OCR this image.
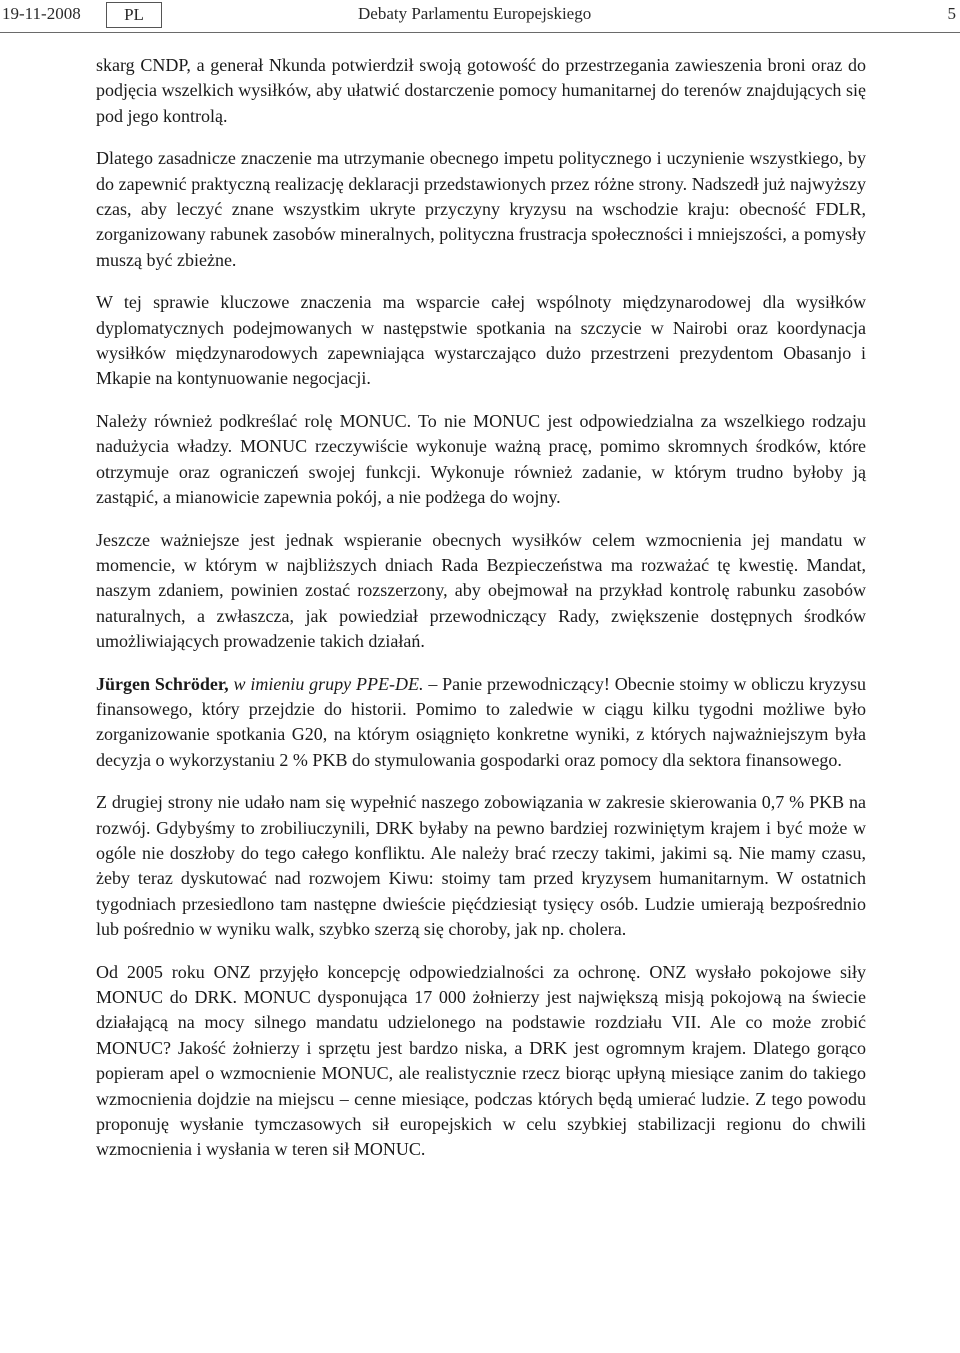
19-11-2008	PL	Debaty Parlamentu Europejskiego	5

skarg CNDP, a generał Nkunda potwierdził swoją gotowość do przestrzegania zawieszenia broni oraz do podjęcia wszelkich wysiłków, aby ułatwić dostarczenie pomocy humanitarnej do terenów znajdujących się pod jego kontrolą.

Dlatego zasadnicze znaczenie ma utrzymanie obecnego impetu politycznego i uczynienie wszystkiego, by do zapewnić praktyczną realizację deklaracji przedstawionych przez różne strony. Nadszedł już najwyższy czas, aby leczyć znane wszystkim ukryte przyczyny kryzysu na wschodzie kraju: obecność FDLR, zorganizowany rabunek zasobów mineralnych, polityczna frustracja społeczności i mniejszości, a pomysły muszą być zbieżne.

W tej sprawie kluczowe znaczenia ma wsparcie całej wspólnoty międzynarodowej dla wysiłków dyplomatycznych podejmowanych w następstwie spotkania na szczycie w Nairobi oraz koordynacja wysiłków międzynarodowych zapewniająca wystarczająco dużo przestrzeni prezydentom Obasanjo i Mkapie na kontynuowanie negocjacji.

Należy również podkreślać rolę MONUC. To nie MONUC jest odpowiedzialna za wszelkiego rodzaju nadużycia władzy. MONUC rzeczywiście wykonuje ważną pracę, pomimo skromnych środków, które otrzymuje oraz ograniczeń swojej funkcji. Wykonuje również zadanie, w którym trudno byłoby ją zastąpić, a mianowicie zapewnia pokój, a nie podżega do wojny.

Jeszcze ważniejsze jest jednak wspieranie obecnych wysiłków celem wzmocnienia jej mandatu w momencie, w którym w najbliższych dniach Rada Bezpieczeństwa ma rozważać tę kwestię. Mandat, naszym zdaniem, powinien zostać rozszerzony, aby obejmował na przykład kontrolę rabunku zasobów naturalnych, a zwłaszcza, jak powiedział przewodniczący Rady, zwiększenie dostępnych środków umożliwiających prowadzenie takich działań.

Jürgen Schröder, w imieniu grupy PPE-DE. – Panie przewodniczący! Obecnie stoimy w obliczu kryzysu finansowego, który przejdzie do historii. Pomimo to zaledwie w ciągu kilku tygodni możliwe było zorganizowanie spotkania G20, na którym osiągnięto konkretne wyniki, z których najważniejszym była decyzja o wykorzystaniu 2 % PKB do stymulowania gospodarki oraz pomocy dla sektora finansowego.

Z drugiej strony nie udało nam się wypełnić naszego zobowiązania w zakresie skierowania 0,7 % PKB na rozwój. Gdybyśmy to zrobiliuczynili, DRK byłaby na pewno bardziej rozwiniętym krajem i być może w ogóle nie doszłoby do tego całego konfliktu. Ale należy brać rzeczy takimi, jakimi są. Nie mamy czasu, żeby teraz dyskutować nad rozwojem Kiwu: stoimy tam przed kryzysem humanitarnym. W ostatnich tygodniach przesiedlono tam następne dwieście pięćdziesiąt tysięcy osób. Ludzie umierają bezpośrednio lub pośrednio w wyniku walk, szybko szerzą się choroby, jak np. cholera.

Od 2005 roku ONZ przyjęło koncepcję odpowiedzialności za ochronę. ONZ wysłało pokojowe siły MONUC do DRK. MONUC dysponująca 17 000 żołnierzy jest największą misją pokojową na świecie działającą na mocy silnego mandatu udzielonego na podstawie rozdziału VII. Ale co może zrobić MONUC? Jakość żołnierzy i sprzętu jest bardzo niska, a DRK jest ogromnym krajem. Dlatego gorąco popieram apel o wzmocnienie MONUC, ale realistycznie rzecz biorąc upłyną miesiące zanim do takiego wzmocnienia dojdzie na miejscu – cenne miesiące, podczas których będą umierać ludzie. Z tego powodu proponuję wysłanie tymczasowych sił europejskich w celu szybkiej stabilizacji regionu do chwili wzmocnienia i wysłania w teren sił MONUC.
